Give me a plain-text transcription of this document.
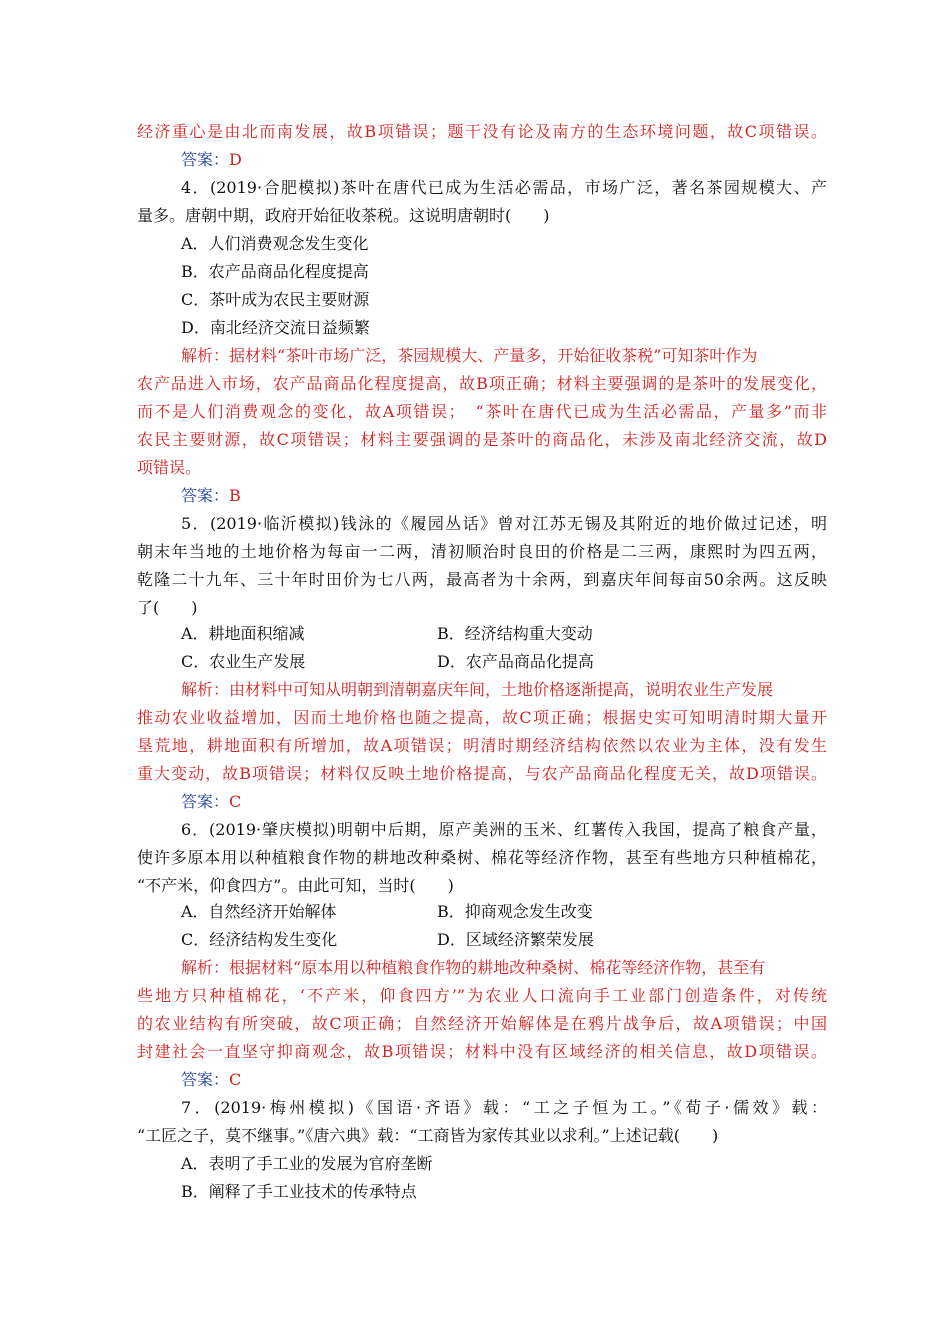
经济重心是由北而南发展，故B项错误；题干没有论及南方的生态环境问题，故C项错误。
答案：D
4．(2019·合肥模拟)茶叶在唐代已成为生活必需品，市场广泛，著名茶园规模大、产
量多。唐朝中期，政府开始征收茶税。这说明唐朝时(　　)
A．人们消费观念发生变化
B．农产品商品化程度提高
C．茶叶成为农民主要财源
D．南北经济交流日益频繁
解析：据材料“茶叶市场广泛，茶园规模大、产量多，开始征收茶税”可知茶叶作为
农产品进入市场，农产品商品化程度提高，故B项正确；材料主要强调的是茶叶的发展变化，
而不是人们消费观念的变化，故A项错误；　“茶叶在唐代已成为生活必需品，产量多”而非
农民主要财源，故C项错误；材料主要强调的是茶叶的商品化，未涉及南北经济交流，故D
项错误。
答案：B
5．(2019·临沂模拟)钱泳的《履园丛话》曾对江苏无锡及其附近的地价做过记述，明
朝末年当地的土地价格为每亩一二两，清初顺治时良田的价格是二三两，康熙时为四五两，
乾隆二十九年、三十年时田价为七八两，最高者为十余两，到嘉庆年间每亩50余两。这反映
了(　　)
A．耕地面积缩减	B．经济结构重大变动
C．农业生产发展	D．农产品商品化提高
解析：由材料中可知从明朝到清朝嘉庆年间，土地价格逐渐提高，说明农业生产发展
推动农业收益增加，因而土地价格也随之提高，故C项正确；根据史实可知明清时期大量开
垦荒地，耕地面积有所增加，故A项错误；明清时期经济结构依然以农业为主体，没有发生
重大变动，故B项错误；材料仅反映土地价格提高，与农产品商品化程度无关，故D项错误。
答案：C
6．(2019·肇庆模拟)明朝中后期，原产美洲的玉米、红薯传入我国，提高了粮食产量，
使许多原本用以种植粮食作物的耕地改种桑树、棉花等经济作物，甚至有些地方只种植棉花，
“不产米，仰食四方”。由此可知，当时(　　)
A．自然经济开始解体	B．抑商观念发生改变
C．经济结构发生变化	D．区域经济繁荣发展
解析：根据材料“原本用以种植粮食作物的耕地改种桑树、棉花等经济作物，甚至有
些地方只种植棉花，‘不产米，仰食四方’”为农业人口流向手工业部门创造条件，对传统
的农业结构有所突破，故C项正确；自然经济开始解体是在鸦片战争后，故A项错误；中国
封建社会一直坚守抑商观念，故B项错误；材料中没有区域经济的相关信息，故D项错误。
答案：C
7．(2019·梅州模拟)《国语·齐语》载：“工之子恒为工。”《荀子·儒效》载：
“工匠之子，莫不继事。”《唐六典》载：“工商皆为家传其业以求利。”上述记载(　　)
A．表明了手工业的发展为官府垄断
B．阐释了手工业技术的传承特点
